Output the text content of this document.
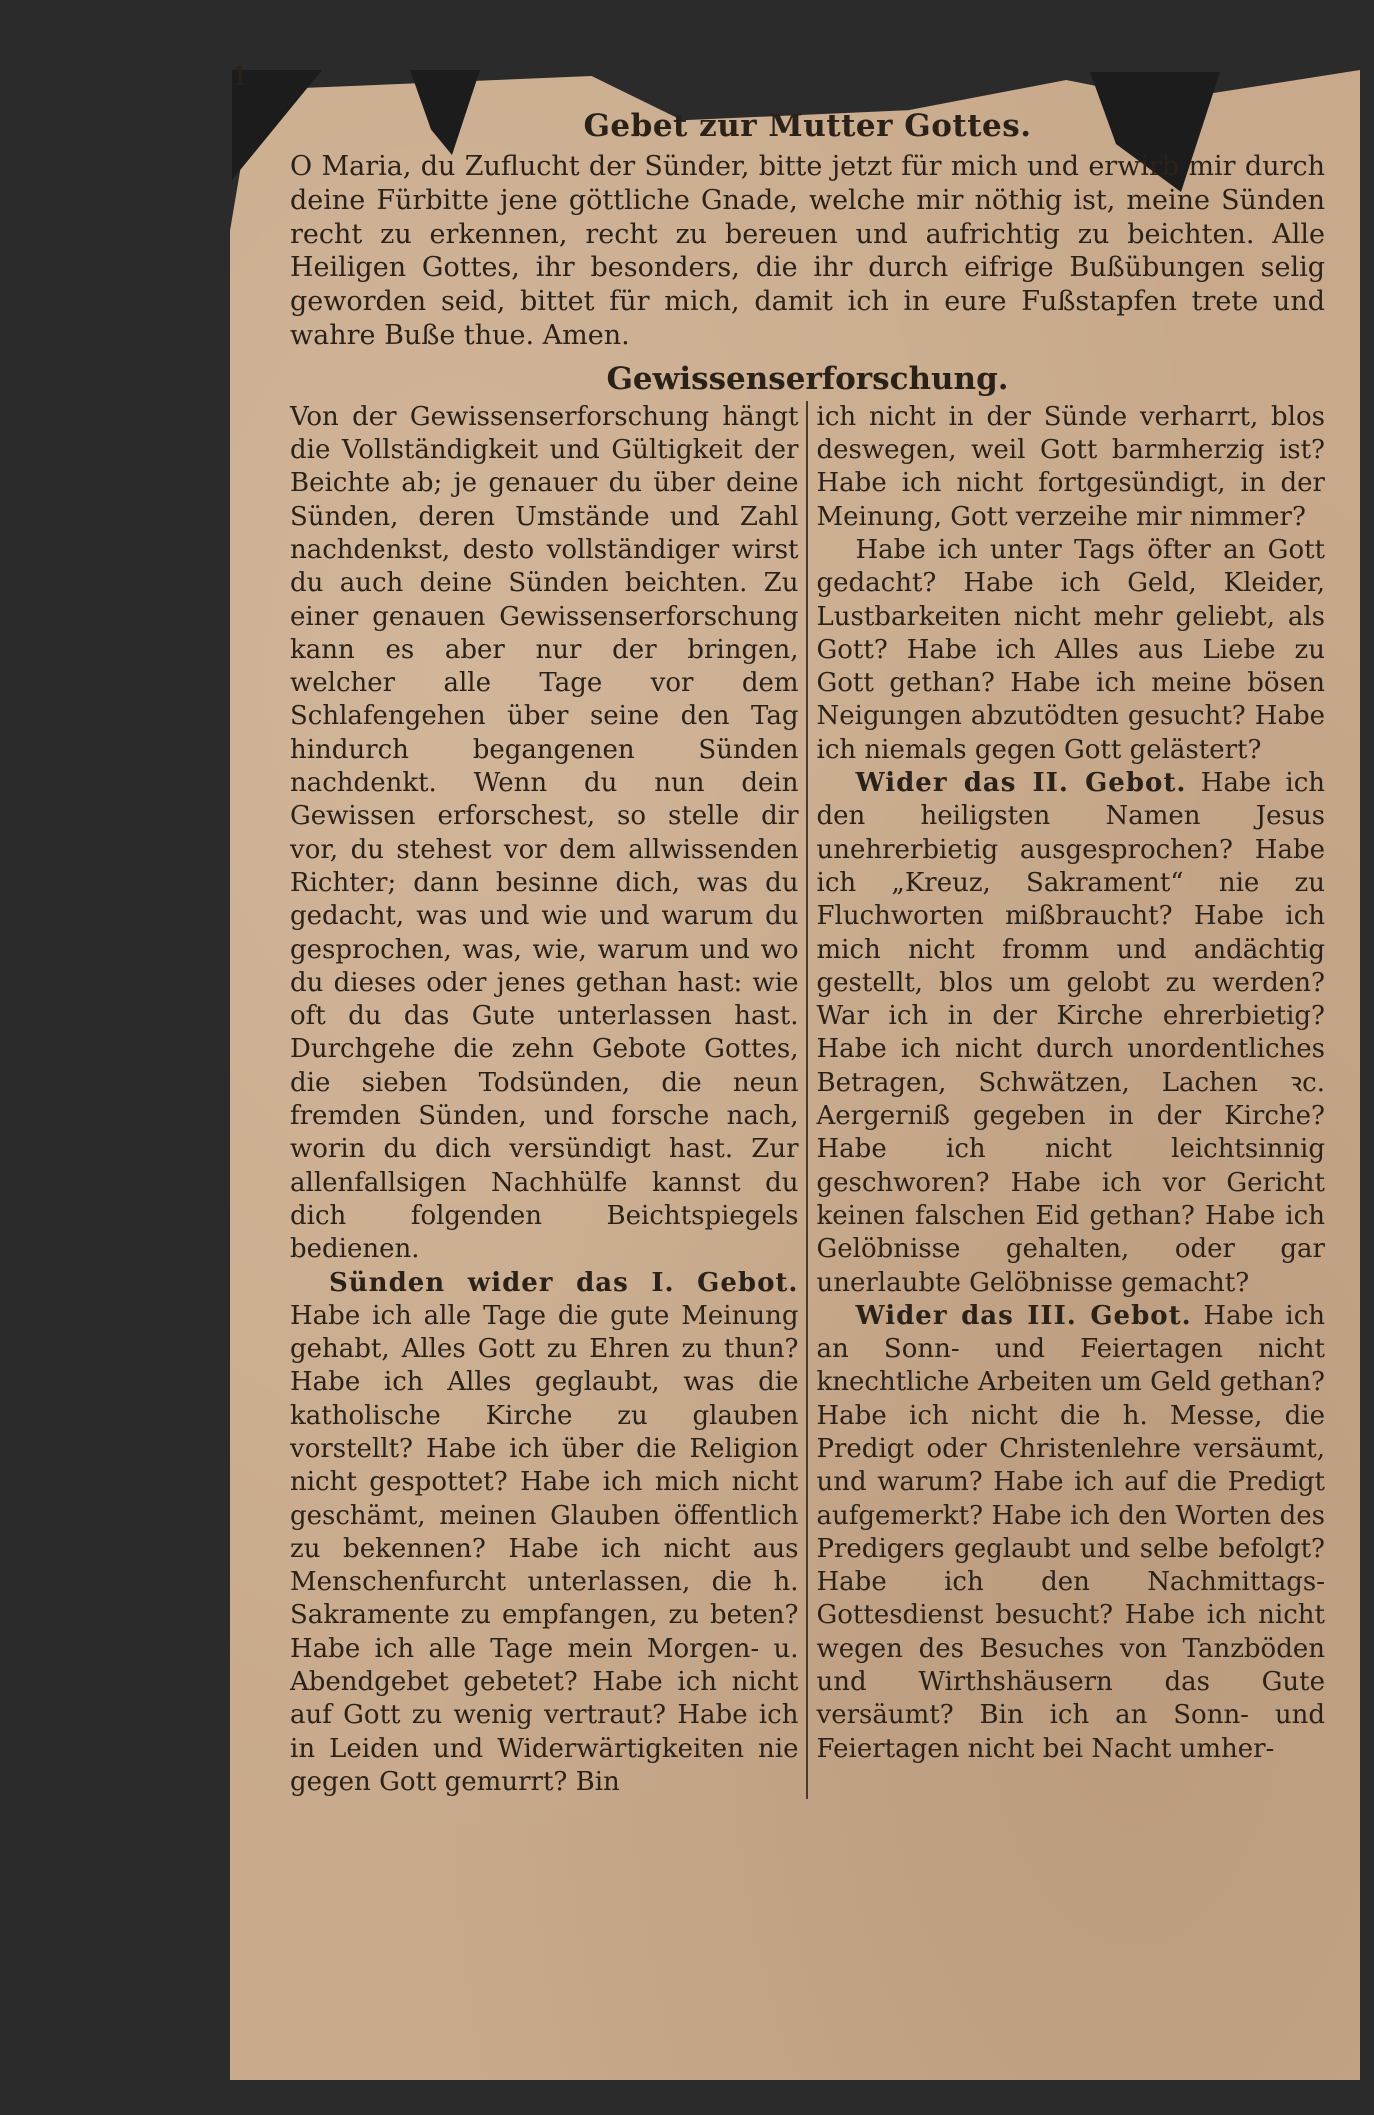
1
Gebet zur Mutter Gottes.

O Maria, du Zuflucht der Sünder, bitte jetzt für mich und erwirb mir durch deine Fürbitte jene göttliche Gnade, welche mir nöthig ist, meine Sünden recht zu erkennen, recht zu bereuen und aufrichtig zu beichten. Alle Heiligen Gottes, ihr besonders, die ihr durch eifrige Bußübungen selig geworden seid, bittet für mich, damit ich in eure Fußstapfen trete und wahre Buße thue. Amen.

Gewissenserforschung.

Von der Gewissenserforschung hängt die Vollständigkeit und Gültigkeit der Beichte ab; je genauer du über deine Sünden, deren Umstände und Zahl nachdenkst, desto vollständiger wirst du auch deine Sünden beichten. Zu einer genauen Gewissenserforschung kann es aber nur der bringen, welcher alle Tage vor dem Schlafengehen über seine den Tag hindurch begangenen Sünden nachdenkt. Wenn du nun dein Gewissen erforschest, so stelle dir vor, du stehest vor dem allwissenden Richter; dann besinne dich, was du gedacht, was und wie und warum du gesprochen, was, wie, warum und wo du dieses oder jenes gethan hast: wie oft du das Gute unterlassen hast. Durchgehe die zehn Gebote Gottes, die sieben Todsünden, die neun fremden Sünden, und forsche nach, worin du dich versündigt hast. Zur allenfallsigen Nachhülfe kannst du dich folgenden Beichtspiegels bedienen.

Sünden wider das I. Gebot. Habe ich alle Tage die gute Meinung gehabt, Alles Gott zu Ehren zu thun? Habe ich Alles geglaubt, was die katholische Kirche zu glauben vorstellt? Habe ich über die Religion nicht gespottet? Habe ich mich nicht geschämt, meinen Glauben öffentlich zu bekennen? Habe ich nicht aus Menschenfurcht unterlassen, die h. Sakramente zu empfangen, zu beten? Habe ich alle Tage mein Morgen- u. Abendgebet gebetet? Habe ich nicht auf Gott zu wenig vertraut? Habe ich in Leiden und Widerwärtigkeiten nie gegen Gott gemurrt? Bin

ich nicht in der Sünde verharrt, blos deswegen, weil Gott barmherzig ist? Habe ich nicht fortgesündigt, in der Meinung, Gott verzeihe mir nimmer?

Habe ich unter Tags öfter an Gott gedacht? Habe ich Geld, Kleider, Lustbarkeiten nicht mehr geliebt, als Gott? Habe ich Alles aus Liebe zu Gott gethan? Habe ich meine bösen Neigungen abzutödten gesucht? Habe ich niemals gegen Gott gelästert?

Wider das II. Gebot. Habe ich den heiligsten Namen Jesus unehrerbietig ausgesprochen? Habe ich „Kreuz, Sakrament“ nie zu Fluchworten mißbraucht? Habe ich mich nicht fromm und andächtig gestellt, blos um gelobt zu werden? War ich in der Kirche ehrerbietig? Habe ich nicht durch unordentliches Betragen, Schwätzen, Lachen ꝛc. Aergerniß gegeben in der Kirche? Habe ich nicht leichtsinnig geschworen? Habe ich vor Gericht keinen falschen Eid gethan? Habe ich Gelöbnisse gehalten, oder gar unerlaubte Gelöbnisse gemacht?

Wider das III. Gebot. Habe ich an Sonn- und Feiertagen nicht knechtliche Arbeiten um Geld gethan? Habe ich nicht die h. Messe, die Predigt oder Christenlehre versäumt, und warum? Habe ich auf die Predigt aufgemerkt? Habe ich den Worten des Predigers geglaubt und selbe befolgt? Habe ich den Nachmittags-Gottesdienst besucht? Habe ich nicht wegen des Besuches von Tanzböden und Wirthshäusern das Gute versäumt? Bin ich an Sonn- und Feiertagen nicht bei Nacht umher-
